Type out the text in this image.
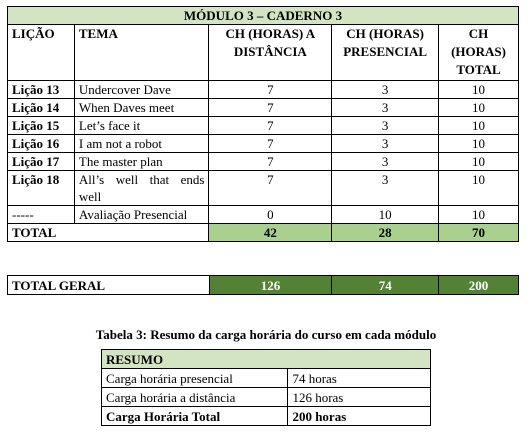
MÓDULO 3 – CADERNO 3				
LIÇÃO	TEMA	CH (HORAS) A DISTÂNCIA	CH (HORAS) PRESENCIAL	CH (HORAS) TOTAL
Lição 13	Undercover Dave	7	3	10
Lição 14	When Daves meet	7	3	10
Lição 15	Let’s face it	7	3	10
Lição 16	I am not a robot	7	3	10
Lição 17	The master plan	7	3	10
Lição 18	All’s well that ends well	7	3	10
-----	Avaliação Presencial	0	10	10
TOTAL		42	28	70
TOTAL GERAL	126	74	200
Tabela 3: Resumo da carga horária do curso em cada módulo
RESUMO	
Carga horária presencial	74 horas
Carga horária a distância	126 horas
Carga Horária Total	200 horas
